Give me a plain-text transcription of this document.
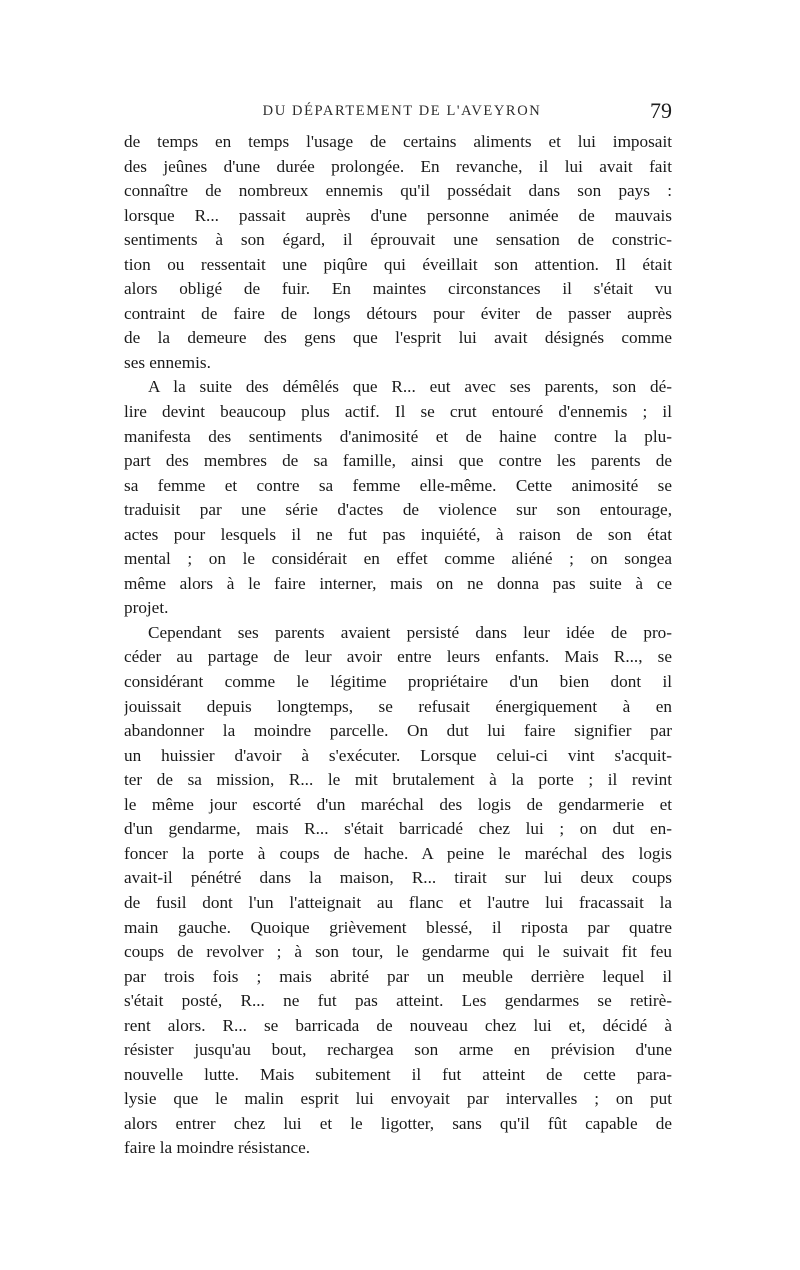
DU DÉPARTEMENT DE L'AVEYRON	79
de temps en temps l'usage de certains aliments et lui imposait
des jeûnes d'une durée prolongée. En revanche, il lui avait fait
connaître de nombreux ennemis qu'il possédait dans son pays :
lorsque R... passait auprès d'une personne animée de mauvais
sentiments à son égard, il éprouvait une sensation de constric-
tion ou ressentait une piqûre qui éveillait son attention. Il était
alors obligé de fuir. En maintes circonstances il s'était vu
contraint de faire de longs détours pour éviter de passer auprès
de la demeure des gens que l'esprit lui avait désignés comme
ses ennemis.
A la suite des démêlés que R... eut avec ses parents, son dé-
lire devint beaucoup plus actif. Il se crut entouré d'ennemis ; il
manifesta des sentiments d'animosité et de haine contre la plu-
part des membres de sa famille, ainsi que contre les parents de
sa femme et contre sa femme elle-même. Cette animosité se
traduisit par une série d'actes de violence sur son entourage,
actes pour lesquels il ne fut pas inquiété, à raison de son état
mental ; on le considérait en effet comme aliéné ; on songea
même alors à le faire interner, mais on ne donna pas suite à ce
projet.
Cependant ses parents avaient persisté dans leur idée de pro-
céder au partage de leur avoir entre leurs enfants. Mais R..., se
considérant comme le légitime propriétaire d'un bien dont il
jouissait depuis longtemps, se refusait énergiquement à en
abandonner la moindre parcelle. On dut lui faire signifier par
un huissier d'avoir à s'exécuter. Lorsque celui-ci vint s'acquit-
ter de sa mission, R... le mit brutalement à la porte ; il revint
le même jour escorté d'un maréchal des logis de gendarmerie et
d'un gendarme, mais R... s'était barricadé chez lui ; on dut en-
foncer la porte à coups de hache. A peine le maréchal des logis
avait-il pénétré dans la maison, R... tirait sur lui deux coups
de fusil dont l'un l'atteignait au flanc et l'autre lui fracassait la
main gauche. Quoique grièvement blessé, il riposta par quatre
coups de revolver ; à son tour, le gendarme qui le suivait fit feu
par trois fois ; mais abrité par un meuble derrière lequel il
s'était posté, R... ne fut pas atteint. Les gendarmes se retirè-
rent alors. R... se barricada de nouveau chez lui et, décidé à
résister jusqu'au bout, rechargea son arme en prévision d'une
nouvelle lutte. Mais subitement il fut atteint de cette para-
lysie que le malin esprit lui envoyait par intervalles ; on put
alors entrer chez lui et le ligotter, sans qu'il fût capable de
faire la moindre résistance.
